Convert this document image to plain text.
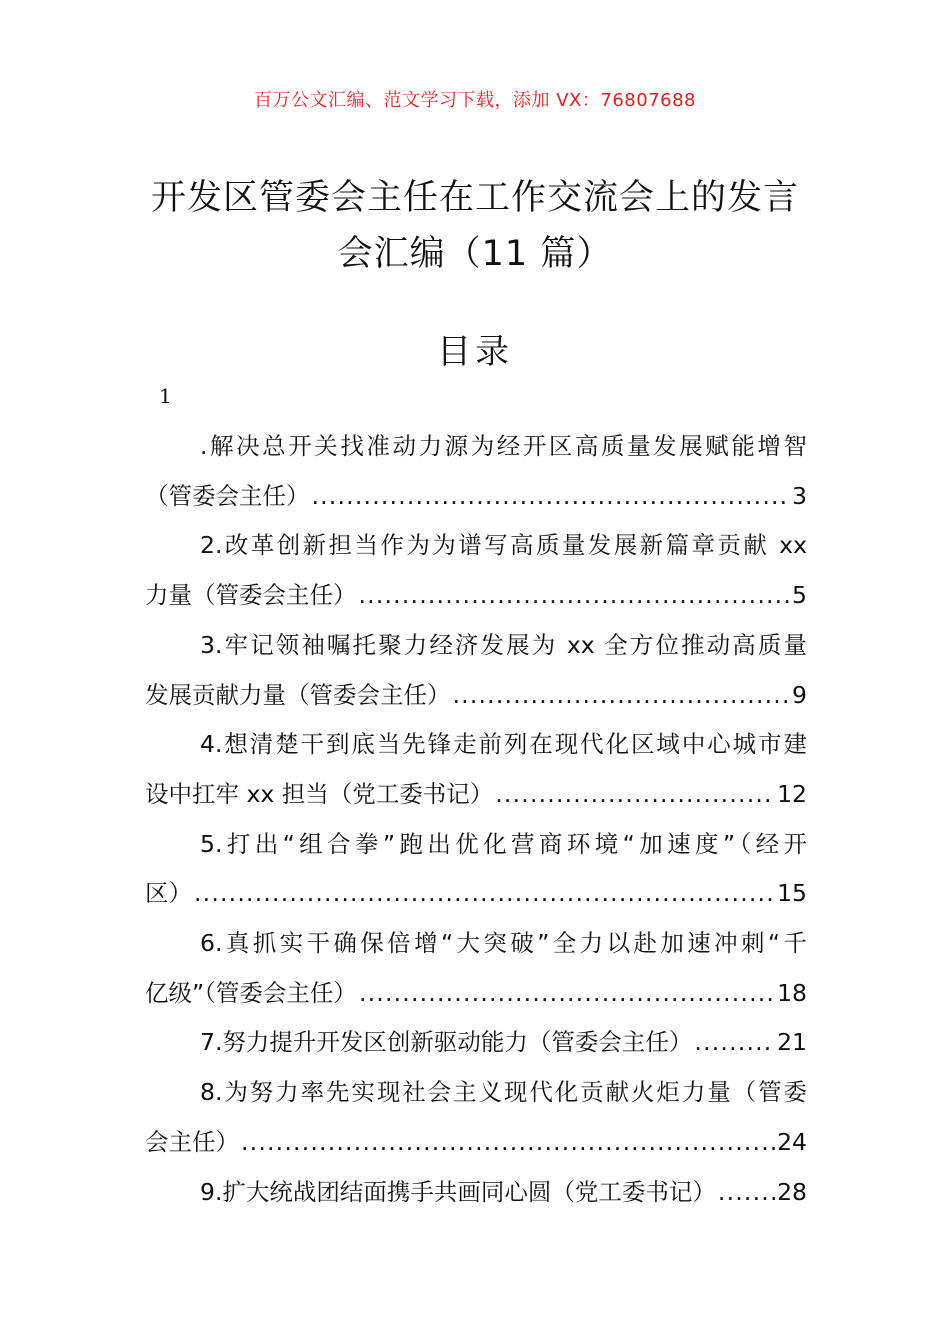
百万公文汇编、范文学习下载，添加 VX：76807688
开发区管委会主任在工作交流会上的发言会汇编（11 篇）
目录
1
.解决总开关找准动力源为经开区高质量发展赋能增智
（管委会主任） .....	3
2.改革创新担当作为为谱写高质量发展新篇章贡献 xx
力量（管委会主任） .....	5
3.牢记领袖嘱托聚力经济发展为 xx 全方位推动高质量
发展贡献力量（管委会主任） .....	9
4.想清楚干到底当先锋走前列在现代化区域中心城市建
设中扛牢 xx 担当（党工委书记） .....	12
5.打出“组合拳”跑出优化营商环境“加速度”（经开
区） .....	15
6.真抓实干确保倍增“大突破”全力以赴加速冲刺“千
亿级”（管委会主任） .....	18
7.努力提升开发区创新驱动能力（管委会主任） .....	21
8.为努力率先实现社会主义现代化贡献火炬力量（管委
会主任） .....	24
9.扩大统战团结面携手共画同心圆（党工委书记） .....	28
